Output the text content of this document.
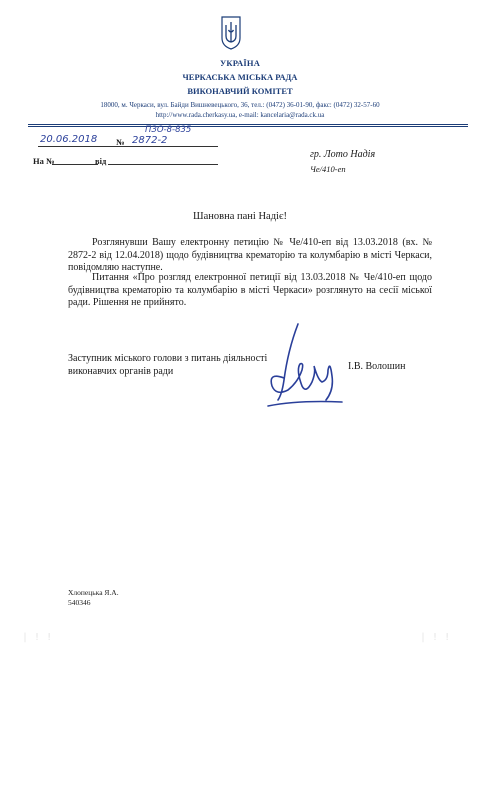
УКРАЇНА
ЧЕРКАСЬКА МІСЬКА РАДА
ВИКОНАВЧИЙ КОМІТЕТ
18000, м. Черкаси, вул. Байди Вишневецького, 36, тел.: (0472) 36-01-90, факс: (0472) 32-57-60
http://www.rada.cherkasy.ua, e-mail: kancelaria@rada.ck.ua
20.06.2018 № 2872-2
ПЗО-8-835
На №	від
гр. Лото Надія
Че/410-еп
Шановна пані Надіє!
Розглянувши Вашу електронну петицію № Че/410-еп від 13.03.2018 (вх. № 2872-2 від 12.04.2018) щодо будівництва крематорію та колумбарію в місті Черкаси, повідомляю наступне.
Питання «Про розгляд електронної петиції від 13.03.2018 № Че/410-еп щодо будівництва крематорію та колумбарію в місті Черкаси» розглянуто на сесії міської ради. Рішення не прийнято.
Заступник міського голови з питань діяльності виконавчих органів ради	І.В. Волошин
Хлопецька Я.А.
540346
| ! !	| ! !
